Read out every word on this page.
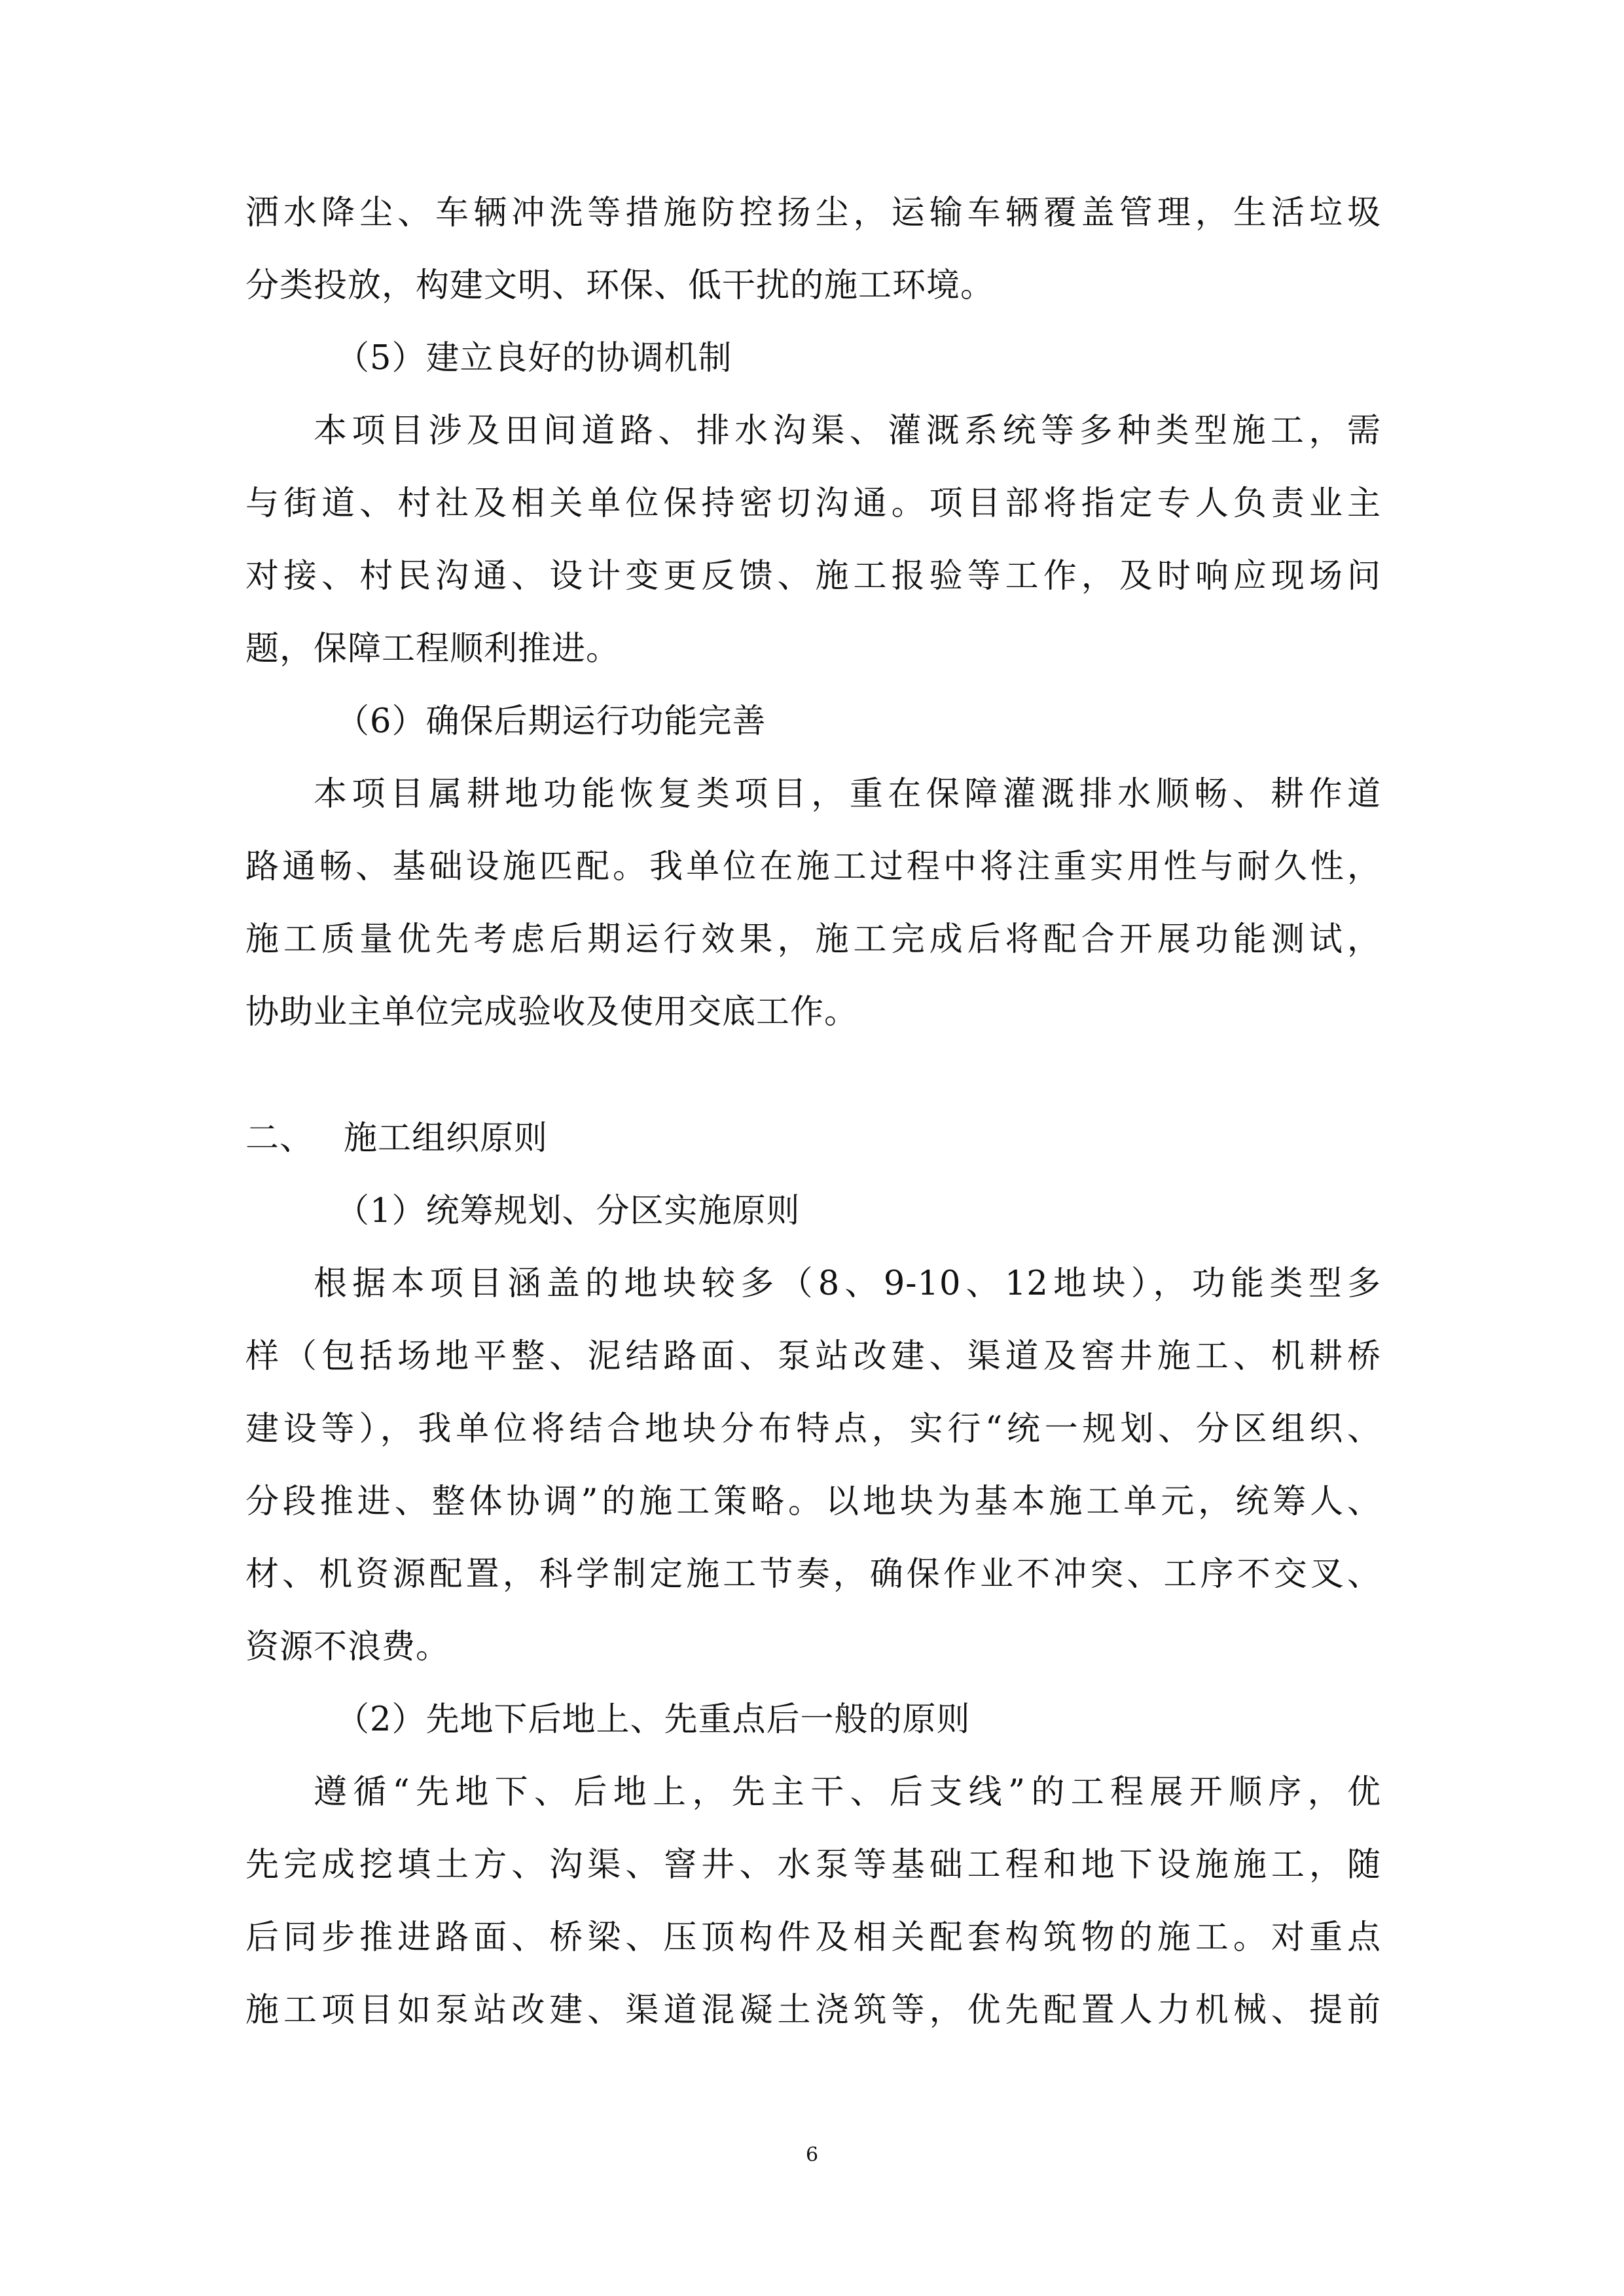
洒水降尘、车辆冲洗等措施防控扬尘，运输车辆覆盖管理，生活垃圾
分类投放，构建文明、环保、低干扰的施工环境。
（5）建立良好的协调机制
本项目涉及田间道路、排水沟渠、灌溉系统等多种类型施工，需
与街道、村社及相关单位保持密切沟通。项目部将指定专人负责业主
对接、村民沟通、设计变更反馈、施工报验等工作，及时响应现场问
题，保障工程顺利推进。
（6）确保后期运行功能完善
本项目属耕地功能恢复类项目，重在保障灌溉排水顺畅、耕作道
路通畅、基础设施匹配。我单位在施工过程中将注重实用性与耐久性，
施工质量优先考虑后期运行效果，施工完成后将配合开展功能测试，
协助业主单位完成验收及使用交底工作。
二、 施工组织原则
（1）统筹规划、分区实施原则
根据本项目涵盖的地块较多（8、9-10、12地块），功能类型多
样（包括场地平整、泥结路面、泵站改建、渠道及窖井施工、机耕桥
建设等），我单位将结合地块分布特点，实行“统一规划、分区组织、
分段推进、整体协调”的施工策略。以地块为基本施工单元，统筹人、
材、机资源配置，科学制定施工节奏，确保作业不冲突、工序不交叉、
资源不浪费。
（2）先地下后地上、先重点后一般的原则
遵循“先地下、后地上，先主干、后支线”的工程展开顺序，优
先完成挖填土方、沟渠、窨井、水泵等基础工程和地下设施施工，随
后同步推进路面、桥梁、压顶构件及相关配套构筑物的施工。对重点
施工项目如泵站改建、渠道混凝土浇筑等，优先配置人力机械、提前
6
